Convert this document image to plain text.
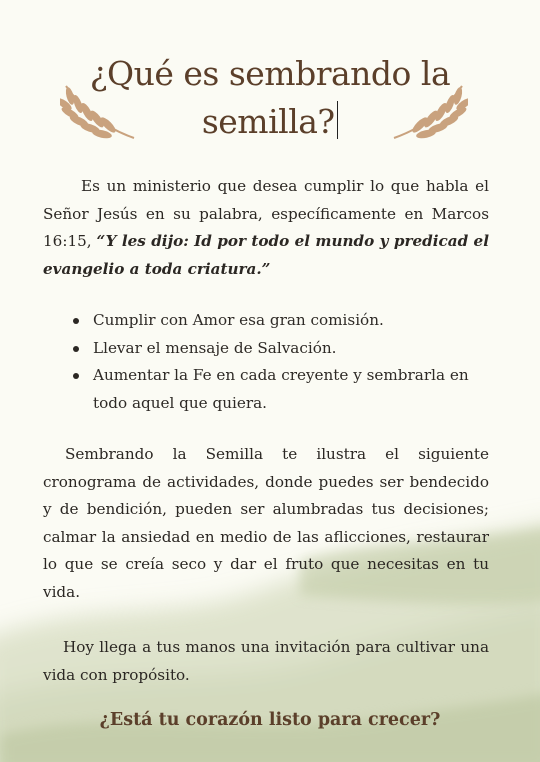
¿Qué es sembrando la semilla?

Es un ministerio que desea cumplir lo que habla el Señor Jesús en su palabra, específicamente en Marcos 16:15, “Y les dijo: Id por todo el mundo y predicad el evangelio a toda criatura.”

Cumplir con Amor esa gran comisión.
Llevar el mensaje de Salvación.
Aumentar la Fe en cada creyente y sembrarla en todo aquel que quiera.

Sembrando la Semilla te ilustra el siguiente cronograma de actividades, donde puedes ser bendecido y de bendición, pueden ser alumbradas tus decisiones; calmar la ansiedad en medio de las aflicciones, restaurar lo que se creía seco y dar el fruto que necesitas en tu vida.

Hoy llega a tus manos una invitación para cultivar una vida con propósito.

¿Está tu corazón listo para crecer?
